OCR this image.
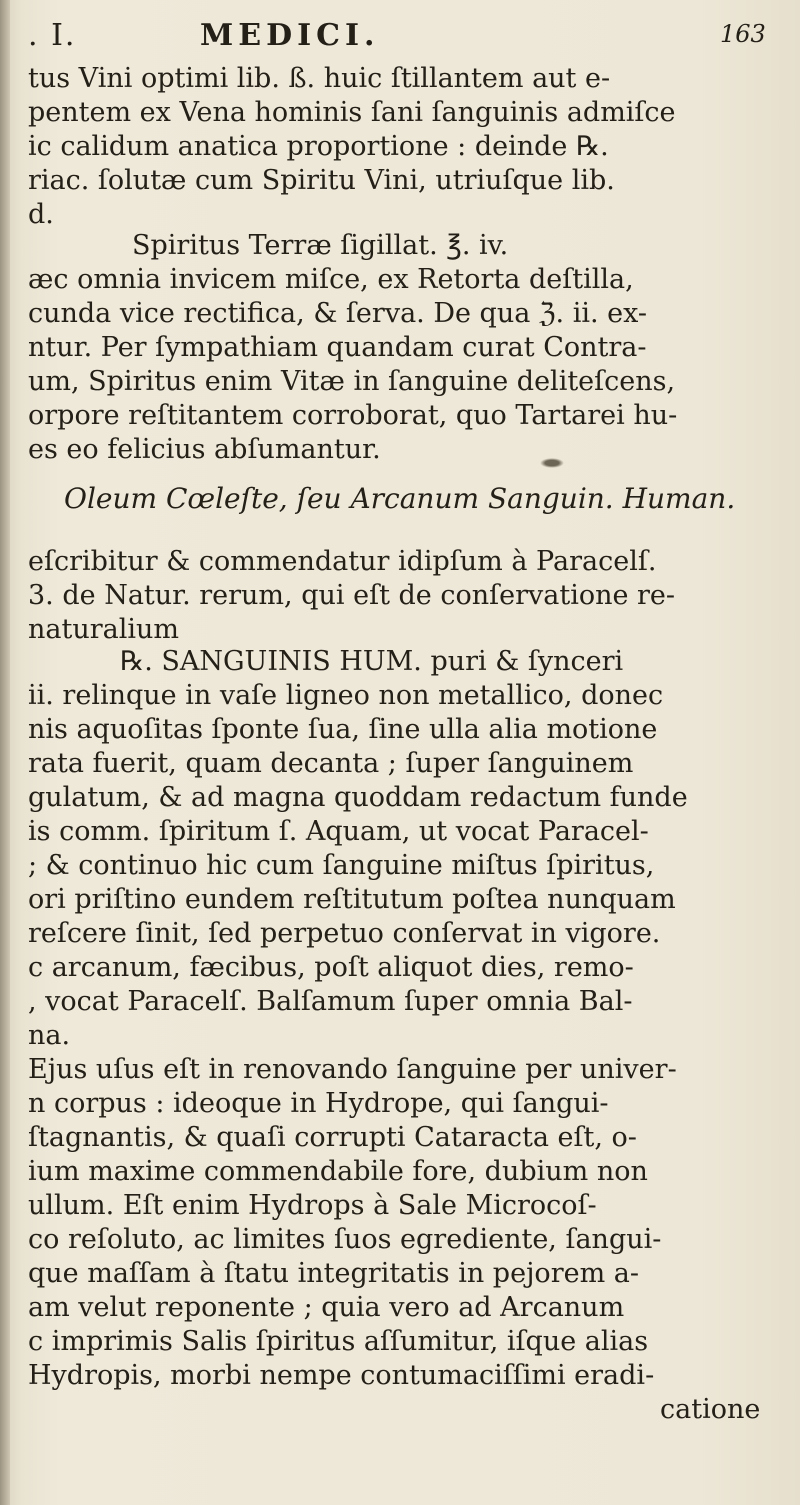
. I.	MEDICI.	163
tus Vini optimi lib. ß. huic ſtillantem aut e-
pentem ex Vena hominis ſani ſanguinis admiſce
ic calidum anatica proportione : deinde ℞.
riac. ſolutæ cum Spiritu Vini, utriuſque lib.
d.
Spiritus Terræ ſigillat. ℥. iv.
æc omnia invicem miſce, ex Retorta deſtilla,
cunda vice rectifica, & ſerva. De qua ℨ. ii. ex-
ntur. Per ſympathiam quandam curat Contra-
um, Spiritus enim Vitæ in ſanguine deliteſcens,
orpore reſtitantem corroborat, quo Tartarei hu-
es eo felicius abſumantur.
Oleum Cœleſte, ſeu Arcanum Sanguin. Human.
eſcribitur & commendatur idipſum à Paracelſ.
3. de Natur. rerum, qui eſt de conſervatione re-
naturalium
℞. SANGUINIS HUM. puri & ſynceri
ii. relinque in vaſe ligneo non metallico, donec
nis aquoſitas ſponte ſua, ſine ulla alia motione
rata fuerit, quam decanta ; ſuper ſanguinem
gulatum, & ad magna quoddam redactum funde
is comm. ſpiritum ſ. Aquam, ut vocat Paracel-
; & continuo hic cum ſanguine miſtus ſpiritus,
ori priſtino eundem reſtitutum poſtea nunquam
reſcere ſinit, ſed perpetuo conſervat in vigore.
c arcanum, fæcibus, poſt aliquot dies, remo-
, vocat Paracelſ. Balſamum ſuper omnia Bal-
na.
Ejus uſus eſt in renovando ſanguine per univer-
n corpus : ideoque in Hydrope, qui ſangui-
ſtagnantis, & quaſi corrupti Cataracta eſt, o-
ium maxime commendabile fore, dubium non
ullum. Eſt enim Hydrops à Sale Microcoſ-
co reſoluto, ac limites ſuos egrediente, ſangui-
que maſſam à ſtatu integritatis in pejorem a-
am velut reponente ; quia vero ad Arcanum
c imprimis Salis ſpiritus aſſumitur, iſque alias
Hydropis, morbi nempe contumaciſſimi eradi-
catione
